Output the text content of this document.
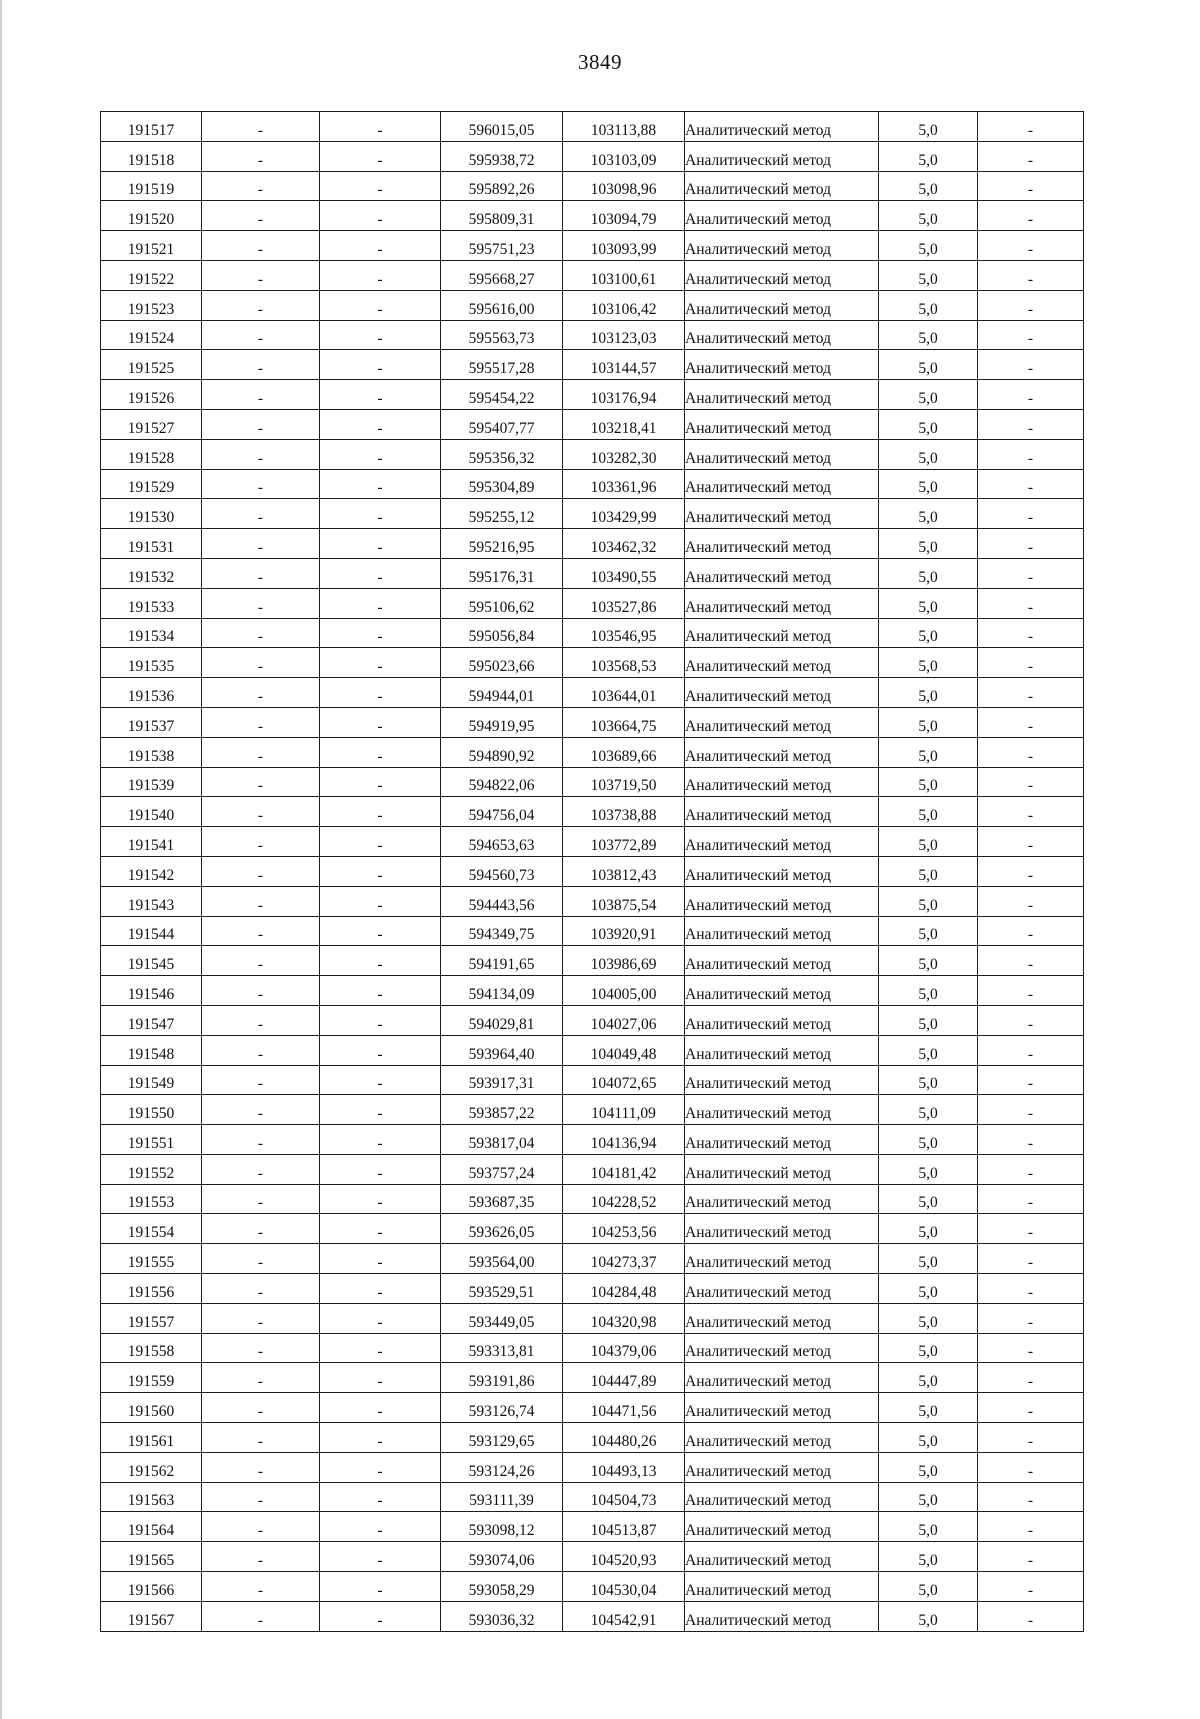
3849
191517	-	-	596015,05	103113,88	Аналитический метод	5,0	-
191518	-	-	595938,72	103103,09	Аналитический метод	5,0	-
191519	-	-	595892,26	103098,96	Аналитический метод	5,0	-
191520	-	-	595809,31	103094,79	Аналитический метод	5,0	-
191521	-	-	595751,23	103093,99	Аналитический метод	5,0	-
191522	-	-	595668,27	103100,61	Аналитический метод	5,0	-
191523	-	-	595616,00	103106,42	Аналитический метод	5,0	-
191524	-	-	595563,73	103123,03	Аналитический метод	5,0	-
191525	-	-	595517,28	103144,57	Аналитический метод	5,0	-
191526	-	-	595454,22	103176,94	Аналитический метод	5,0	-
191527	-	-	595407,77	103218,41	Аналитический метод	5,0	-
191528	-	-	595356,32	103282,30	Аналитический метод	5,0	-
191529	-	-	595304,89	103361,96	Аналитический метод	5,0	-
191530	-	-	595255,12	103429,99	Аналитический метод	5,0	-
191531	-	-	595216,95	103462,32	Аналитический метод	5,0	-
191532	-	-	595176,31	103490,55	Аналитический метод	5,0	-
191533	-	-	595106,62	103527,86	Аналитический метод	5,0	-
191534	-	-	595056,84	103546,95	Аналитический метод	5,0	-
191535	-	-	595023,66	103568,53	Аналитический метод	5,0	-
191536	-	-	594944,01	103644,01	Аналитический метод	5,0	-
191537	-	-	594919,95	103664,75	Аналитический метод	5,0	-
191538	-	-	594890,92	103689,66	Аналитический метод	5,0	-
191539	-	-	594822,06	103719,50	Аналитический метод	5,0	-
191540	-	-	594756,04	103738,88	Аналитический метод	5,0	-
191541	-	-	594653,63	103772,89	Аналитический метод	5,0	-
191542	-	-	594560,73	103812,43	Аналитический метод	5,0	-
191543	-	-	594443,56	103875,54	Аналитический метод	5,0	-
191544	-	-	594349,75	103920,91	Аналитический метод	5,0	-
191545	-	-	594191,65	103986,69	Аналитический метод	5,0	-
191546	-	-	594134,09	104005,00	Аналитический метод	5,0	-
191547	-	-	594029,81	104027,06	Аналитический метод	5,0	-
191548	-	-	593964,40	104049,48	Аналитический метод	5,0	-
191549	-	-	593917,31	104072,65	Аналитический метод	5,0	-
191550	-	-	593857,22	104111,09	Аналитический метод	5,0	-
191551	-	-	593817,04	104136,94	Аналитический метод	5,0	-
191552	-	-	593757,24	104181,42	Аналитический метод	5,0	-
191553	-	-	593687,35	104228,52	Аналитический метод	5,0	-
191554	-	-	593626,05	104253,56	Аналитический метод	5,0	-
191555	-	-	593564,00	104273,37	Аналитический метод	5,0	-
191556	-	-	593529,51	104284,48	Аналитический метод	5,0	-
191557	-	-	593449,05	104320,98	Аналитический метод	5,0	-
191558	-	-	593313,81	104379,06	Аналитический метод	5,0	-
191559	-	-	593191,86	104447,89	Аналитический метод	5,0	-
191560	-	-	593126,74	104471,56	Аналитический метод	5,0	-
191561	-	-	593129,65	104480,26	Аналитический метод	5,0	-
191562	-	-	593124,26	104493,13	Аналитический метод	5,0	-
191563	-	-	593111,39	104504,73	Аналитический метод	5,0	-
191564	-	-	593098,12	104513,87	Аналитический метод	5,0	-
191565	-	-	593074,06	104520,93	Аналитический метод	5,0	-
191566	-	-	593058,29	104530,04	Аналитический метод	5,0	-
191567	-	-	593036,32	104542,91	Аналитический метод	5,0	-
